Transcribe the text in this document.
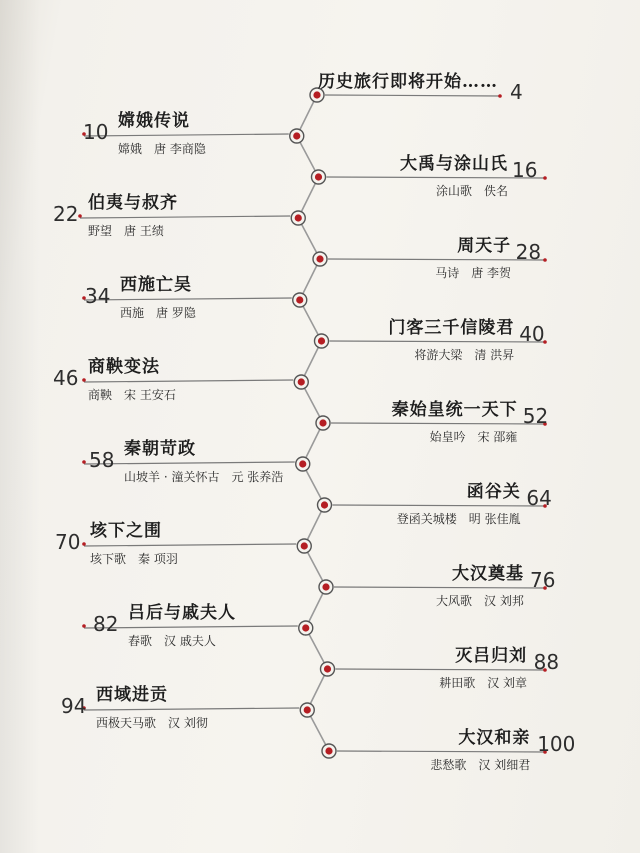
历史旅行即将开始…… 4
嫦娥传说
10
嫦娥　唐 李商隐
大禹与涂山氏 16
涂山歌　佚名
伯夷与叔齐
22
野望　唐 王绩
周天子 28
马诗　唐 李贺
西施亡吴
34
西施　唐 罗隐
门客三千信陵君 40
将游大梁　清 洪昇
商鞅变法
46
商鞅　宋 王安石
秦始皇统一天下 52
始皇吟　宋 邵雍
秦朝苛政
58
山坡羊 · 潼关怀古　元 张养浩
函谷关 64
登函关城楼　明 张佳胤
垓下之围
70
垓下歌　秦 项羽
大汉奠基 76
大风歌　汉 刘邦
吕后与戚夫人
82
舂歌　汉 戚夫人
灭吕归刘 88
耕田歌　汉 刘章
西域进贡
94
西极天马歌　汉 刘彻
大汉和亲 100
悲愁歌　汉 刘细君
